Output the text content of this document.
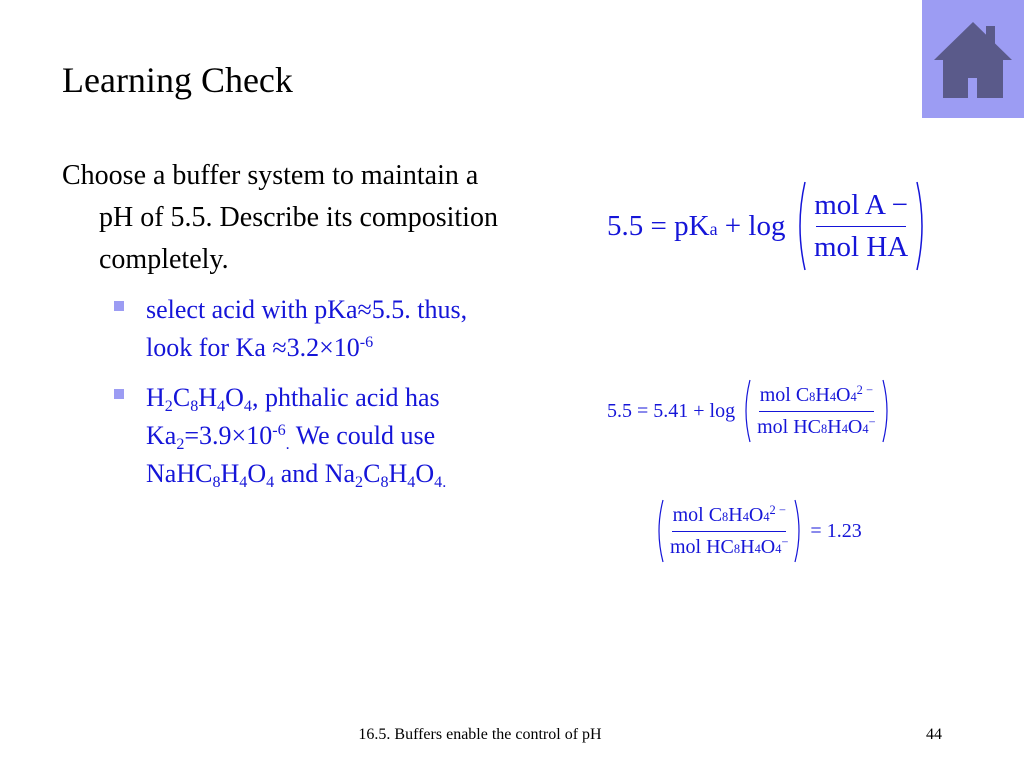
Learning Check

Choose a buffer system to maintain a pH of 5.5. Describe its composition completely.

select acid with pKa≈5.5. thus, look for $Ka \approx 3.2\times 10^{-6}$
$H_2C_8H_4O_4$, phthalic acid has $Ka_2=3.9\times 10^{-6}_.$ We could use $NaHC_8H_4O_4$ and $Na_2C_8H_4O_{4.}$
5.5 = pKa + $\log \frac{\text{mol A −}}{\text{mol HA}}$

$5.5 = 5.41 + \log \frac{mol C8H4O4^{2 -}}{mol HC8H4O4^-}$

$\frac{mol C8H4O4^{2 -}}{mol HC8H4O4^-} = 1.23$
16.5. Buffers enable the control of pH	44
